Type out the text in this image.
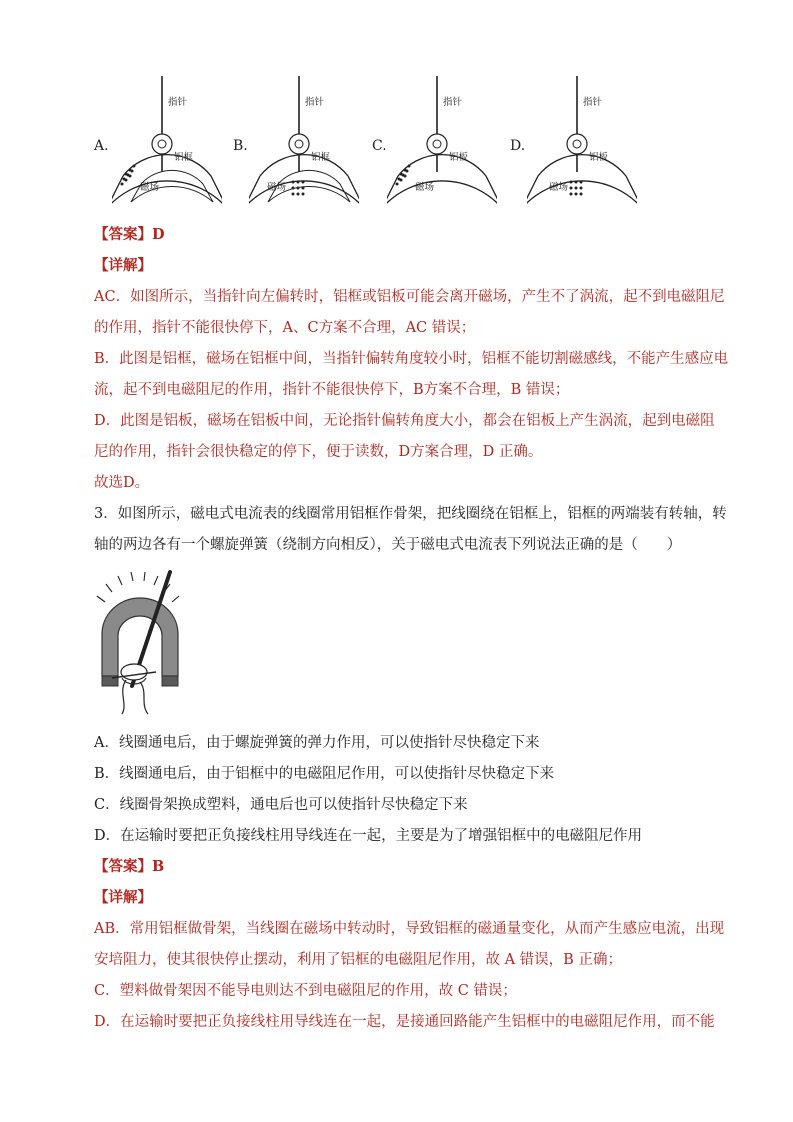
A.
指针
铝框
磁场
B.
指针
铝框
磁场
C.
指针
铝板
磁场
D.
指针
铝板
磁场
【答案】D
【详解】
AC．如图所示，当指针向左偏转时，铝框或铝板可能会离开磁场，产生不了涡流，起不到电磁阻尼
的作用，指针不能很快停下，A、C方案不合理，AC 错误；
B．此图是铝框，磁场在铝框中间，当指针偏转角度较小时，铝框不能切割磁感线，不能产生感应电
流，起不到电磁阻尼的作用，指针不能很快停下，B方案不合理，B 错误；
D．此图是铝板，磁场在铝板中间，无论指针偏转角度大小，都会在铝板上产生涡流，起到电磁阻
尼的作用，指针会很快稳定的停下，便于读数，D方案合理，D 正确。
故选D。
3．如图所示，磁电式电流表的线圈常用铝框作骨架，把线圈绕在铝框上，铝框的两端装有转轴，转
轴的两边各有一个螺旋弹簧（绕制方向相反），关于磁电式电流表下列说法正确的是（　　）
A．线圈通电后，由于螺旋弹簧的弹力作用，可以使指针尽快稳定下来
B．线圈通电后，由于铝框中的电磁阻尼作用，可以使指针尽快稳定下来
C．线圈骨架换成塑料，通电后也可以使指针尽快稳定下来
D．在运输时要把正负接线柱用导线连在一起，主要是为了增强铝框中的电磁阻尼作用
【答案】B
【详解】
AB．常用铝框做骨架，当线圈在磁场中转动时，导致铝框的磁通量变化，从而产生感应电流，出现
安培阻力，使其很快停止摆动，利用了铝框的电磁阻尼作用，故 A 错误，B 正确；
C．塑料做骨架因不能导电则达不到电磁阻尼的作用，故 C 错误；
D．在运输时要把正负接线柱用导线连在一起，是接通回路能产生铝框中的电磁阻尼作用，而不能
